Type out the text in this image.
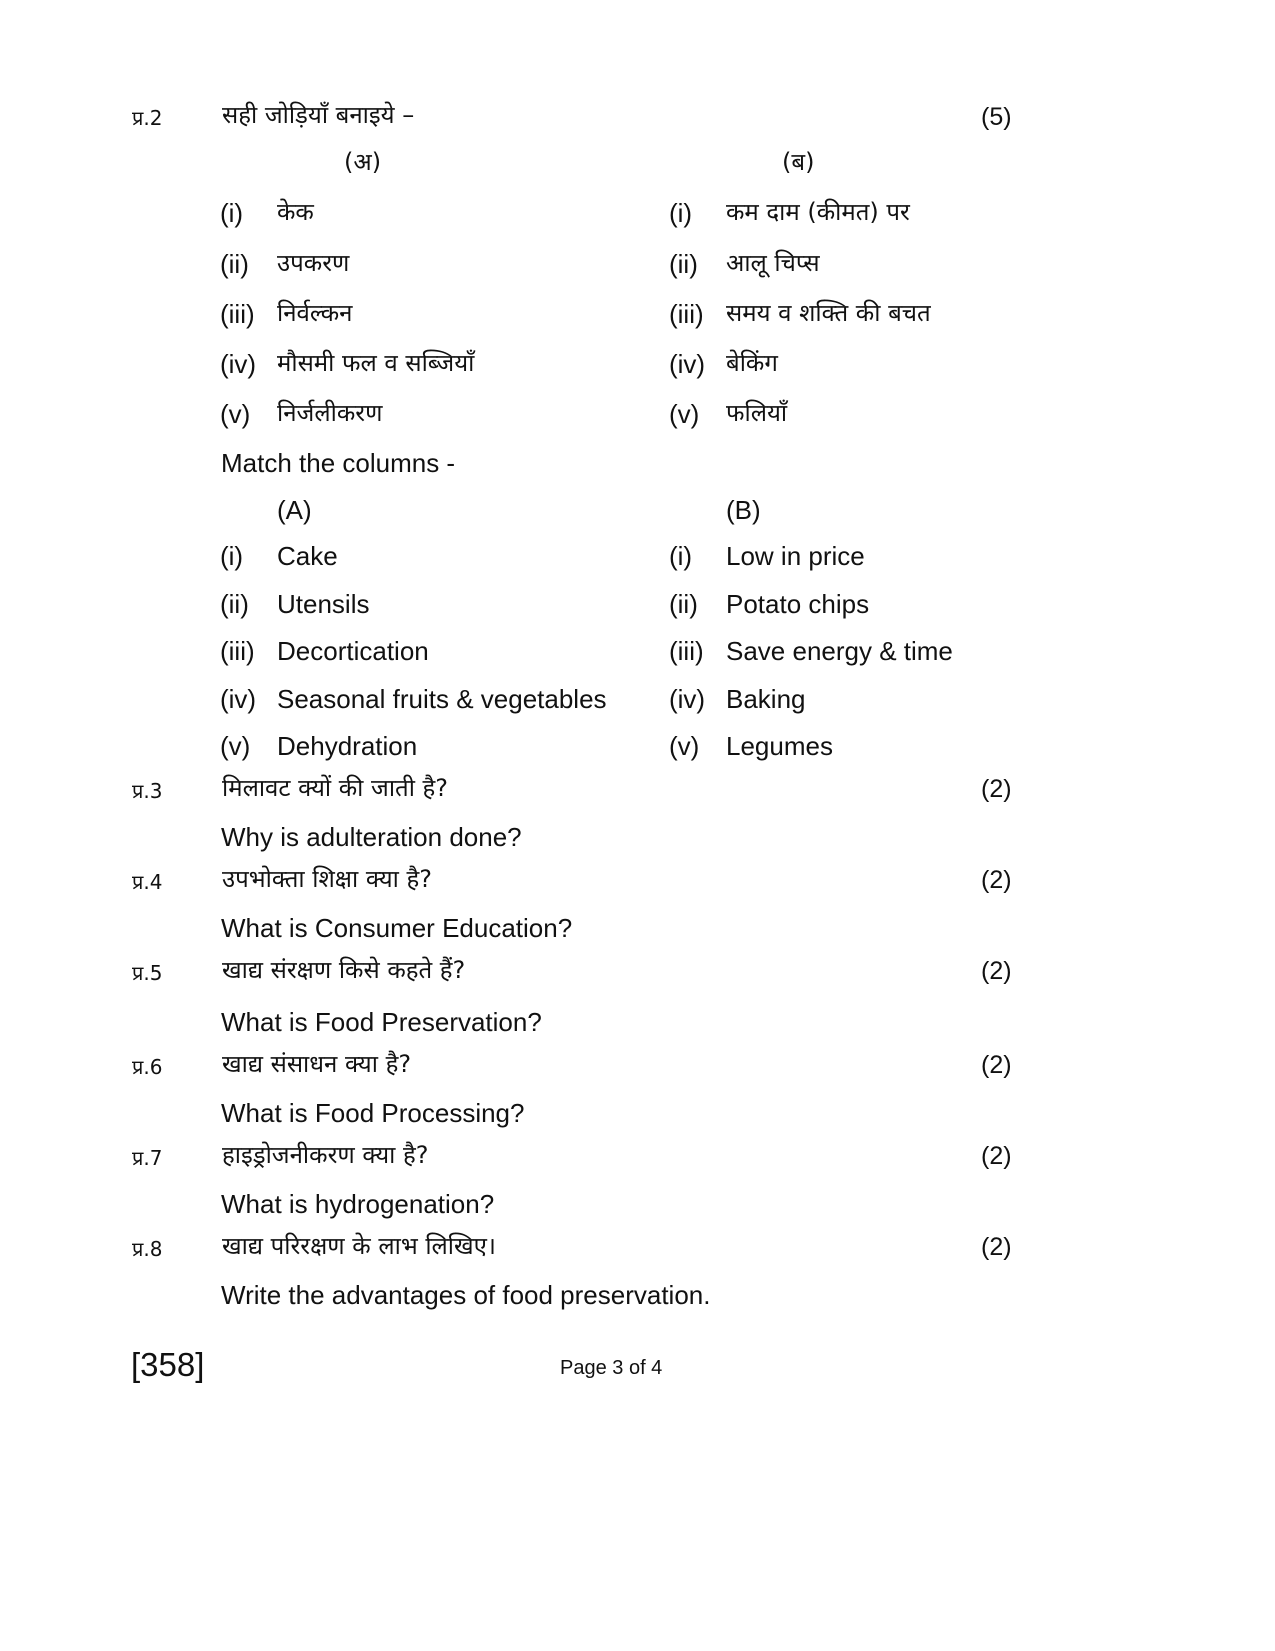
प्र.2 सही जोड़ियाँ बनाइये –	(5)
(अ)	(ब)
(i) केक	(i) कम दाम (कीमत) पर
(ii) उपकरण	(ii) आलू चिप्स
(iii) निर्वल्कन	(iii) समय व शक्ति की बचत
(iv) मौसमी फल व सब्जियाँ	(iv) बेकिंग
(v) निर्जलीकरण	(v) फलियाँ
Match the columns -
(A)	(B)
(i) Cake	(i) Low in price
(ii) Utensils	(ii) Potato chips
(iii) Decortication	(iii) Save energy & time
(iv) Seasonal fruits & vegetables (iv) Baking
(v) Dehydration	(v) Legumes
प्र.3 मिलावट क्यों की जाती है?	(2)
Why is adulteration done?
प्र.4 उपभोक्ता शिक्षा क्या है?	(2)
What is Consumer Education?
प्र.5 खाद्य संरक्षण किसे कहते हैं?	(2)
What is Food Preservation?
प्र.6 खाद्य संसाधन क्या है?	(2)
What is Food Processing?
प्र.7 हाइड्रोजनीकरण क्या है?	(2)
What is hydrogenation?
प्र.8 खाद्य परिरक्षण के लाभ लिखिए।	(2)
Write the advantages of food preservation.
[358]	Page 3 of 4
